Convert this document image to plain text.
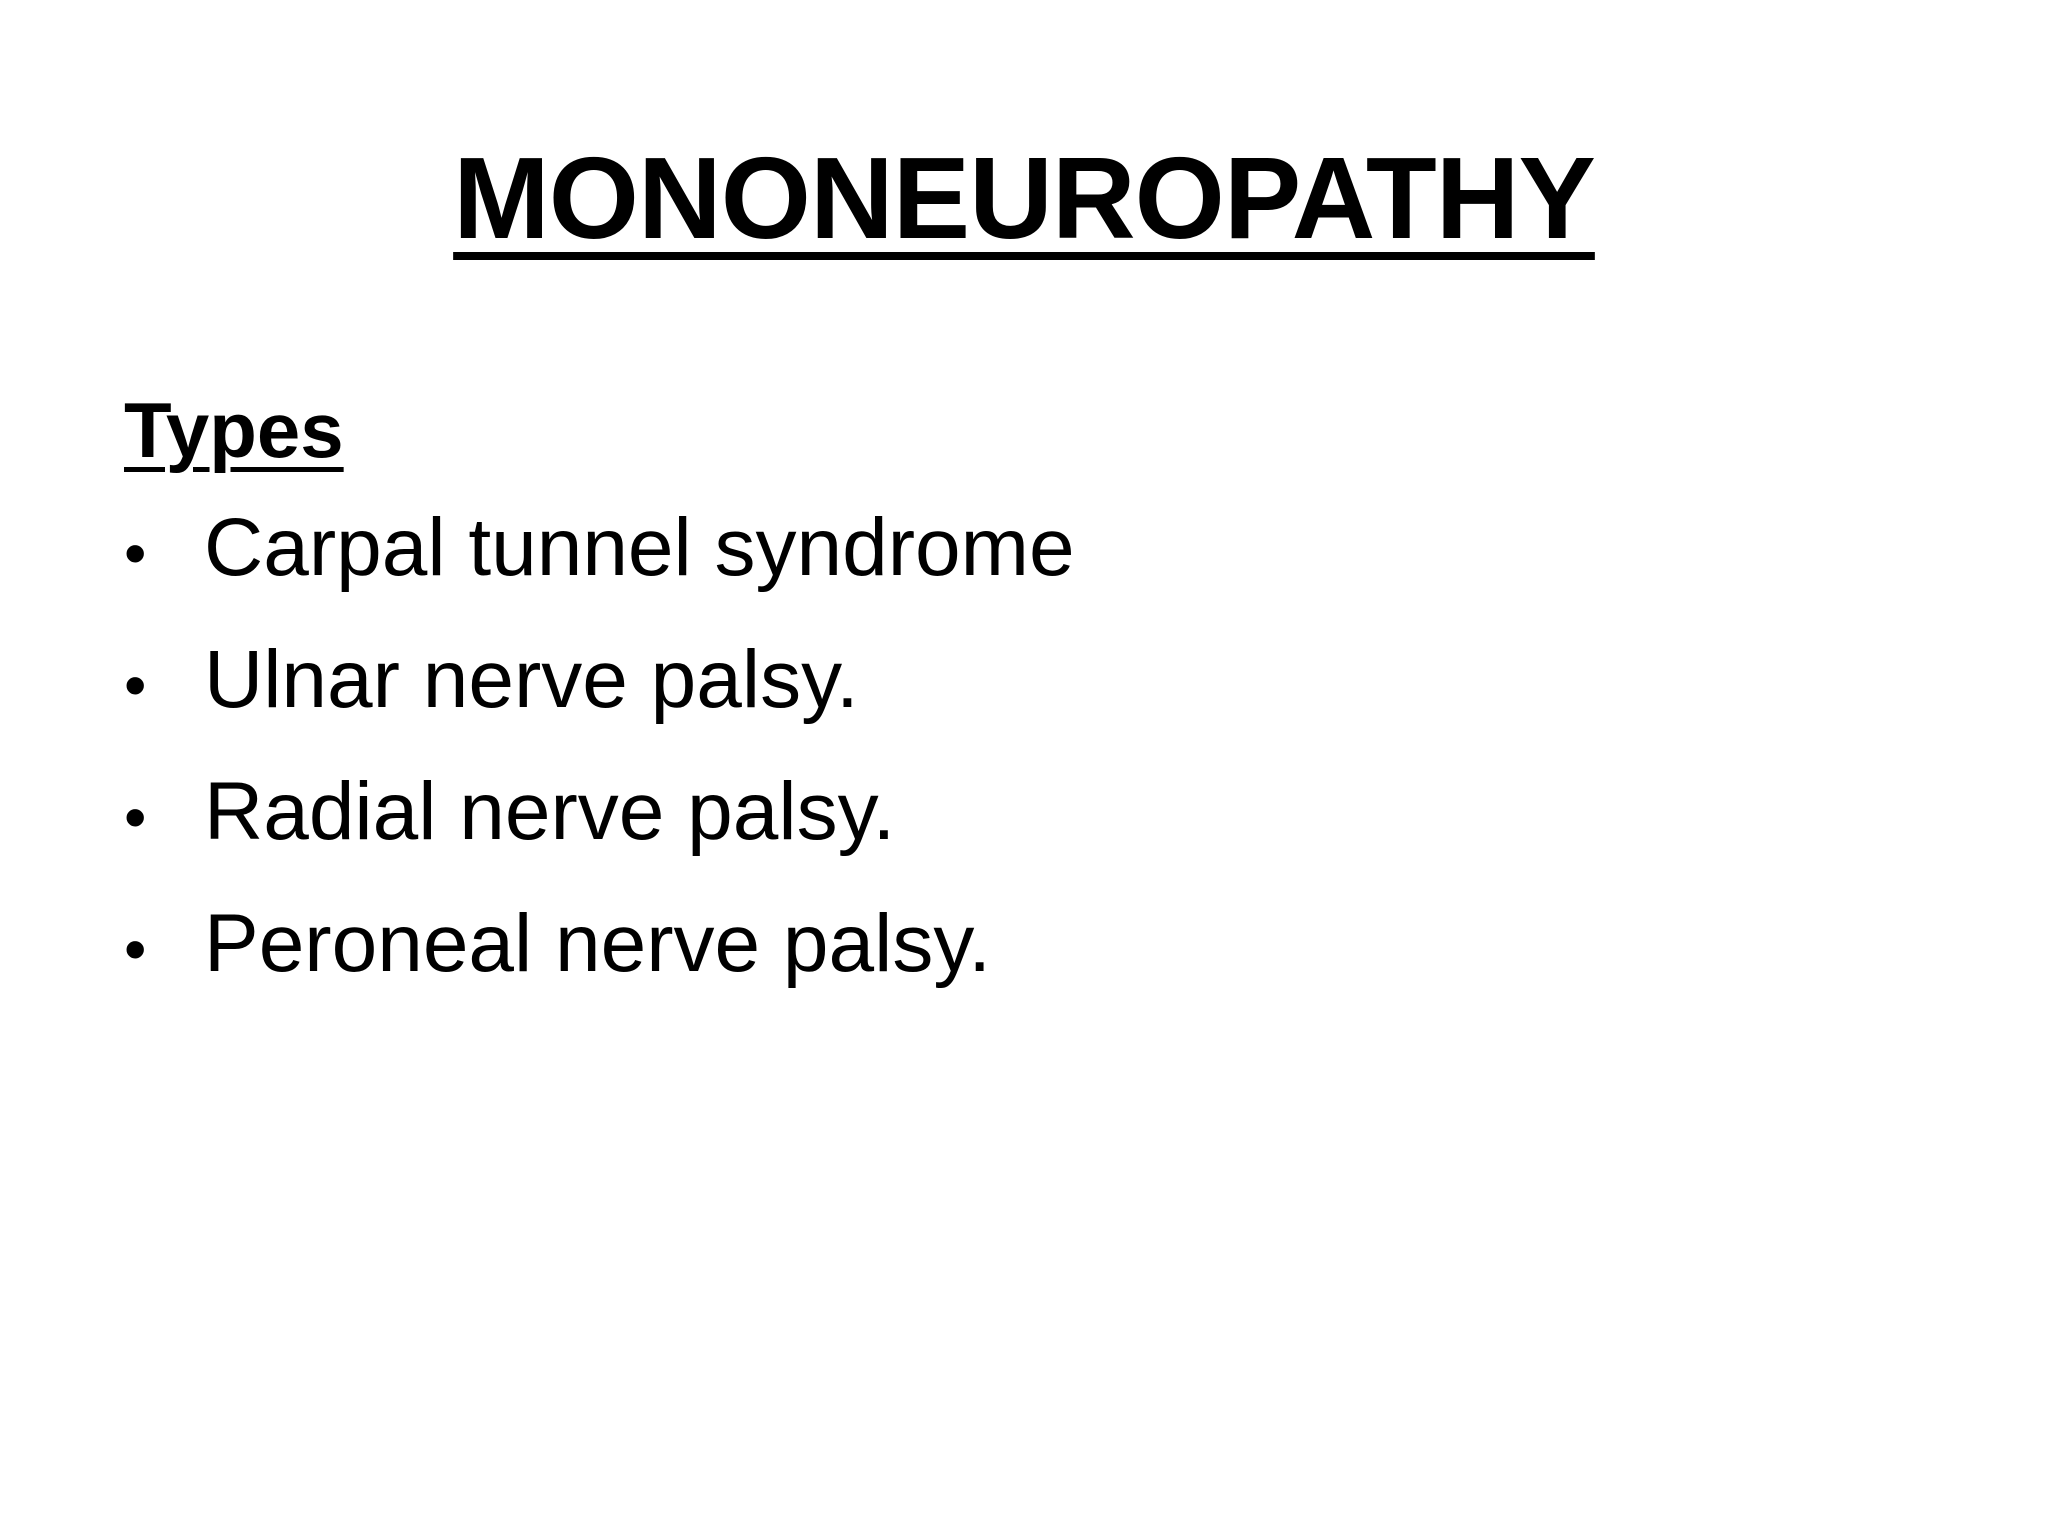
MONONEUROPATHY
Types
• Carpal tunnel syndrome
• Ulnar nerve palsy.
• Radial nerve palsy.
• Peroneal nerve palsy.
